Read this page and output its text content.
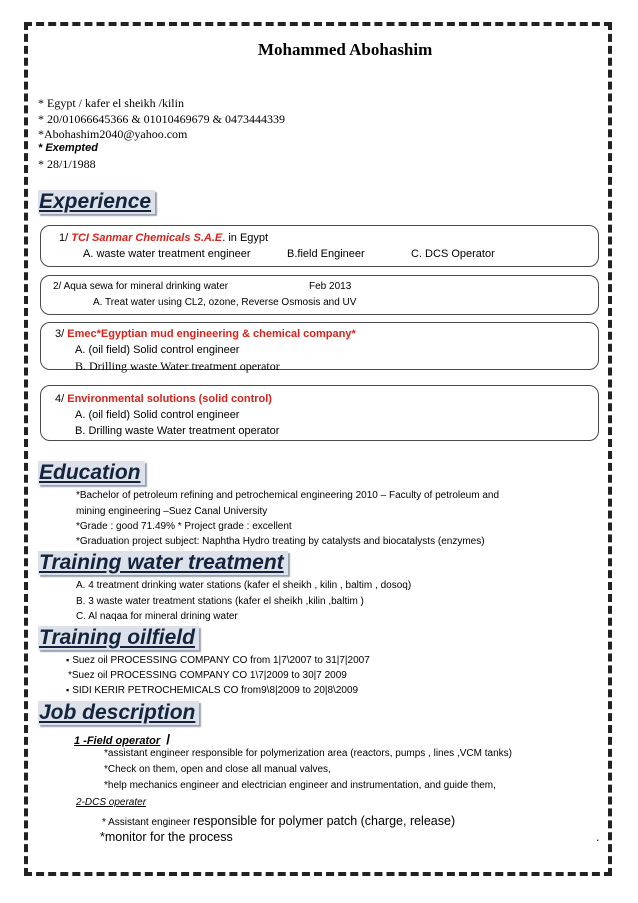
Mohammed Abohashim
* Egypt / kafer el sheikh /kilin
* 20/01066645366 & 01010469679 & 0473444339
*Abohashim2040@yahoo.com
* Exempted
* 28/1/1988
Experience
1/ TCI Sanmar Chemicals S.A.E. in Egypt
A. waste water treatment engineer	B.field Engineer	C. DCS Operator
2/ Aqua sewa for mineral drinking water	Feb 2013
A. Treat water using CL2, ozone, Reverse Osmosis and UV
3/ Emec*Egyptian mud engineering & chemical company*
A. (oil field) Solid control engineer
B. Drilling waste Water treatment operator
4/ Environmental solutions (solid control)
A. (oil field) Solid control engineer
B. Drilling waste Water treatment operator
Education
*Bachelor of petroleum refining and petrochemical engineering 2010 – Faculty of petroleum and
mining engineering –Suez Canal University
*Grade : good 71.49% * Project grade : excellent
*Graduation project subject: Naphtha Hydro treating by catalysts and biocatalysts (enzymes)
Training water treatment
A. 4 treatment drinking water stations (kafer el sheikh , kilin , baltim , dosoq)
B. 3 waste water treatment stations (kafer el sheikh ,kilin ,baltim )
C. Al naqaa for mineral drining water
Training oilfield
▪ Suez oil PROCESSING COMPANY CO from 1|7\2007 to 31|7|2007
*Suez oil PROCESSING COMPANY CO 1\7|2009 to 30|7 2009
▪ SIDI KERIR PETROCHEMICALS CO from9\8|2009 to 20|8\2009
Job description
1 -Field operator /
*assistant engineer responsible for polymerization area (reactors, pumps , lines ,VCM tanks)
*Check on them, open and close all manual valves,
*help mechanics engineer and electrician engineer and instrumentation, and guide them,
2-DCS operater
* Assistant engineer responsible for polymer patch (charge, release)
*monitor for the process	.
